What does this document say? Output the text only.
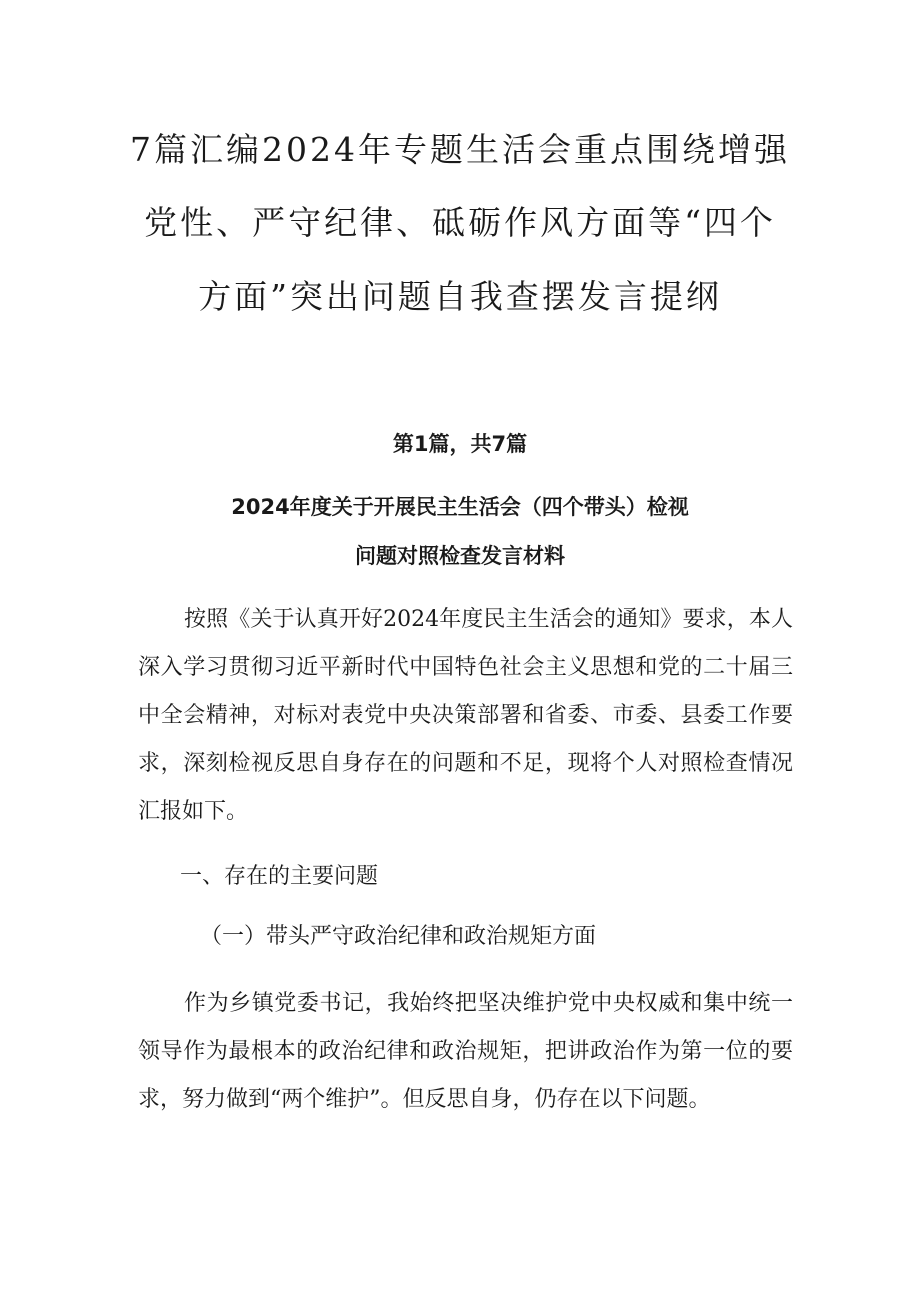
7篇汇编2024年专题生活会重点围绕增强
党性、严守纪律、砥砺作风方面等“四个
方面”突出问题自我查摆发言提纲

第1篇，共7篇

2024年度关于开展民主生活会（四个带头）检视

问题对照检查发言材料

按照《关于认真开好2024年度民主生活会的通知》要求，本人深入学习贯彻习近平新时代中国特色社会主义思想和党的二十届三中全会精神，对标对表党中央决策部署和省委、市委、县委工作要求，深刻检视反思自身存在的问题和不足，现将个人对照检查情况汇报如下。

一、存在的主要问题
（一）带头严守政治纪律和政治规矩方面

作为乡镇党委书记，我始终把坚决维护党中央权威和集中统一领导作为最根本的政治纪律和政治规矩，把讲政治作为第一位的要求，努力做到“两个维护”。但反思自身，仍存在以下问题。
